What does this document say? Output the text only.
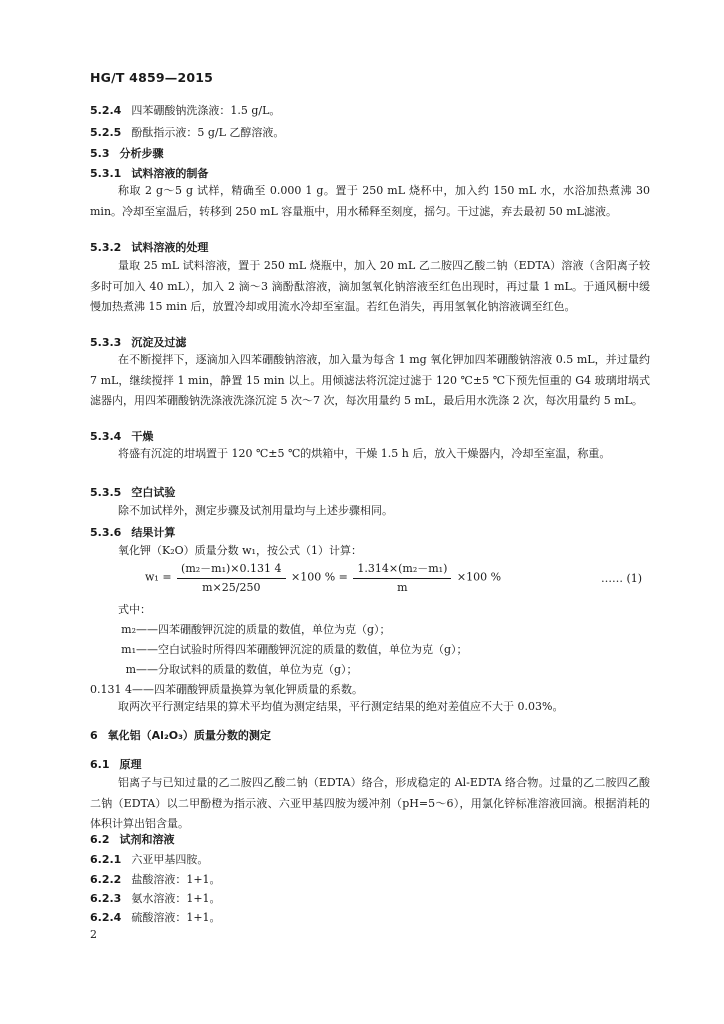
HG/T 4859—2015
5.2.4 四苯硼酸钠洗涤液：1.5 g/L。
5.2.5 酚酞指示液：5 g/L 乙醇溶液。
5.3 分析步骤
5.3.1 试料溶液的制备
称取 2 g～5 g 试样，精确至 0.000 1 g。置于 250 mL 烧杯中，加入约 150 mL 水，水浴加热煮沸 30 min。冷却至室温后，转移到 250 mL 容量瓶中，用水稀释至刻度，摇匀。干过滤，弃去最初 50 mL滤液。
5.3.2 试料溶液的处理
量取 25 mL 试料溶液，置于 250 mL 烧瓶中，加入 20 mL 乙二胺四乙酸二钠（EDTA）溶液（含阳离子较多时可加入 40 mL），加入 2 滴～3 滴酚酞溶液，滴加氢氧化钠溶液至红色出现时，再过量 1 mL。于通风橱中缓慢加热煮沸 15 min 后，放置冷却或用流水冷却至室温。若红色消失，再用氢氧化钠溶液调至红色。
5.3.3 沉淀及过滤
在不断搅拌下，逐滴加入四苯硼酸钠溶液，加入量为每含 1 mg 氧化钾加四苯硼酸钠溶液 0.5 mL，并过量约 7 mL，继续搅拌 1 min，静置 15 min 以上。用倾滤法将沉淀过滤于 120 ℃±5 ℃下预先恒重的 G4 玻璃坩埚式滤器内，用四苯硼酸钠洗涤液洗涤沉淀 5 次～7 次，每次用量约 5 mL，最后用水洗涤 2 次，每次用量约 5 mL。
5.3.4 干燥
将盛有沉淀的坩埚置于 120 ℃±5 ℃的烘箱中，干燥 1.5 h 后，放入干燥器内，冷却至室温，称重。
5.3.5 空白试验
除不加试样外，测定步骤及试剂用量均与上述步骤相同。
5.3.6 结果计算
氧化钾（K₂O）质量分数 w₁，按公式（1）计算：
$w_1 = \frac{\text{(m₂－m₁)×0.131 4}}{m\times 25/250} \times 100$ % = $\frac{\text{1.314×(m₂－m₁)}}{m} \times 100$ %	…… (1)
式中：
m₂——四苯硼酸钾沉淀的质量的数值，单位为克（g）；
m₁——空白试验时所得四苯硼酸钾沉淀的质量的数值，单位为克（g）；
m——分取试料的质量的数值，单位为克（g）；
0.131 4——四苯硼酸钾质量换算为氧化钾质量的系数。
取两次平行测定结果的算术平均值为测定结果，平行测定结果的绝对差值应不大于 0.03%。
6 氧化铝（Al₂O₃）质量分数的测定
6.1 原理
铝离子与已知过量的乙二胺四乙酸二钠（EDTA）络合，形成稳定的 Al-EDTA 络合物。过量的乙二胺四乙酸二钠（EDTA）以二甲酚橙为指示液、六亚甲基四胺为缓冲剂（pH=5～6），用氯化锌标准溶液回滴。根据消耗的体积计算出铝含量。
6.2 试剂和溶液
6.2.1 六亚甲基四胺。
6.2.2 盐酸溶液：1+1。
6.2.3 氨水溶液：1+1。
6.2.4 硫酸溶液：1+1。
2
